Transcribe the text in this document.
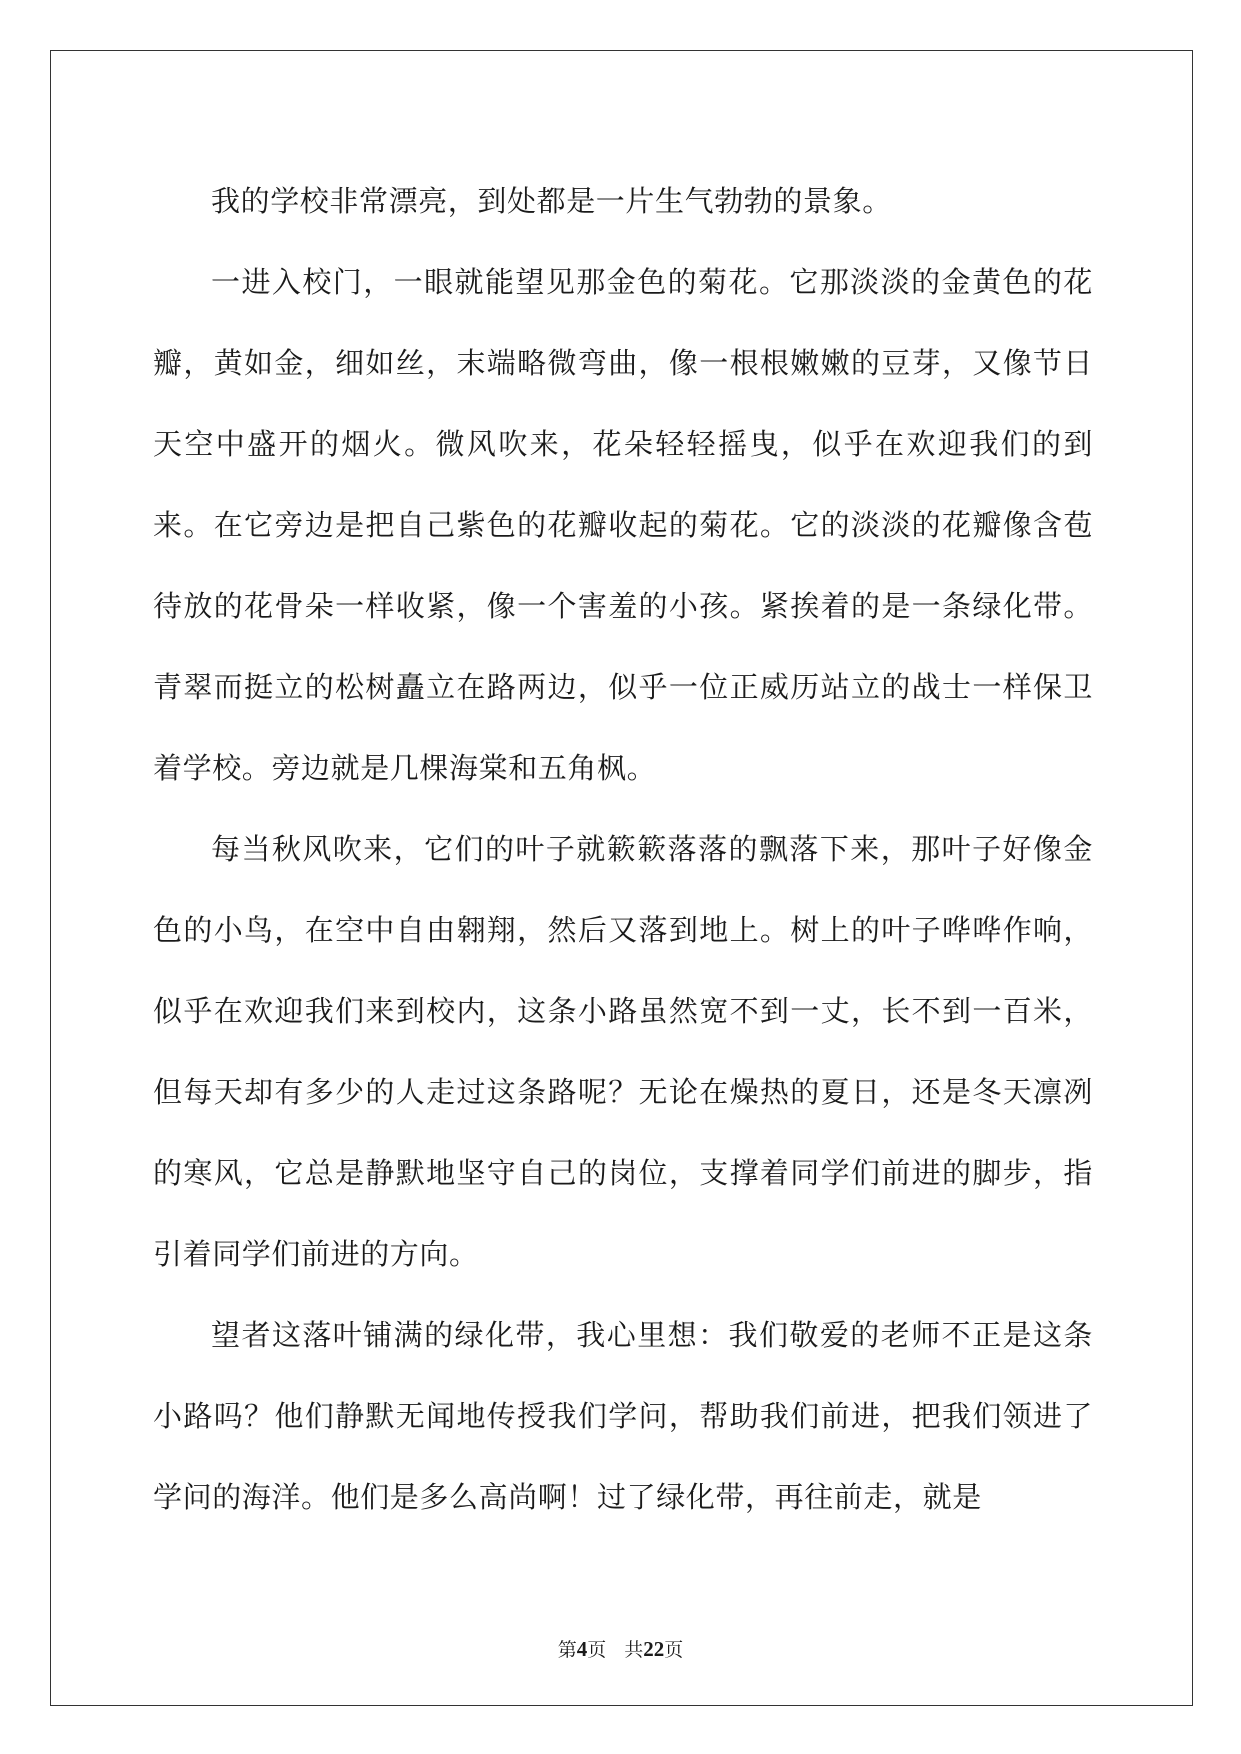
我的学校非常漂亮，到处都是一片生气勃勃的景象。

一进入校门，一眼就能望见那金色的菊花。它那淡淡的金黄色的花瓣，黄如金，细如丝，末端略微弯曲，像一根根嫩嫩的豆芽，又像节日天空中盛开的烟火。微风吹来，花朵轻轻摇曳，似乎在欢迎我们的到来。在它旁边是把自己紫色的花瓣收起的菊花。它的淡淡的花瓣像含苞待放的花骨朵一样收紧，像一个害羞的小孩。紧挨着的是一条绿化带。青翠而挺立的松树矗立在路两边，似乎一位正威历站立的战士一样保卫着学校。旁边就是几棵海棠和五角枫。

每当秋风吹来，它们的叶子就簌簌落落的飘落下来，那叶子好像金色的小鸟，在空中自由翱翔，然后又落到地上。树上的叶子哗哗作响，似乎在欢迎我们来到校内，这条小路虽然宽不到一丈，长不到一百米，但每天却有多少的人走过这条路呢？无论在燥热的夏日，还是冬天凛冽的寒风，它总是静默地坚守自己的岗位，支撑着同学们前进的脚步，指引着同学们前进的方向。

望者这落叶铺满的绿化带，我心里想：我们敬爱的老师不正是这条小路吗？他们静默无闻地传授我们学问，帮助我们前进，把我们领进了学问的海洋。他们是多么高尚啊！过了绿化带，再往前走，就是

第4页 共22页
